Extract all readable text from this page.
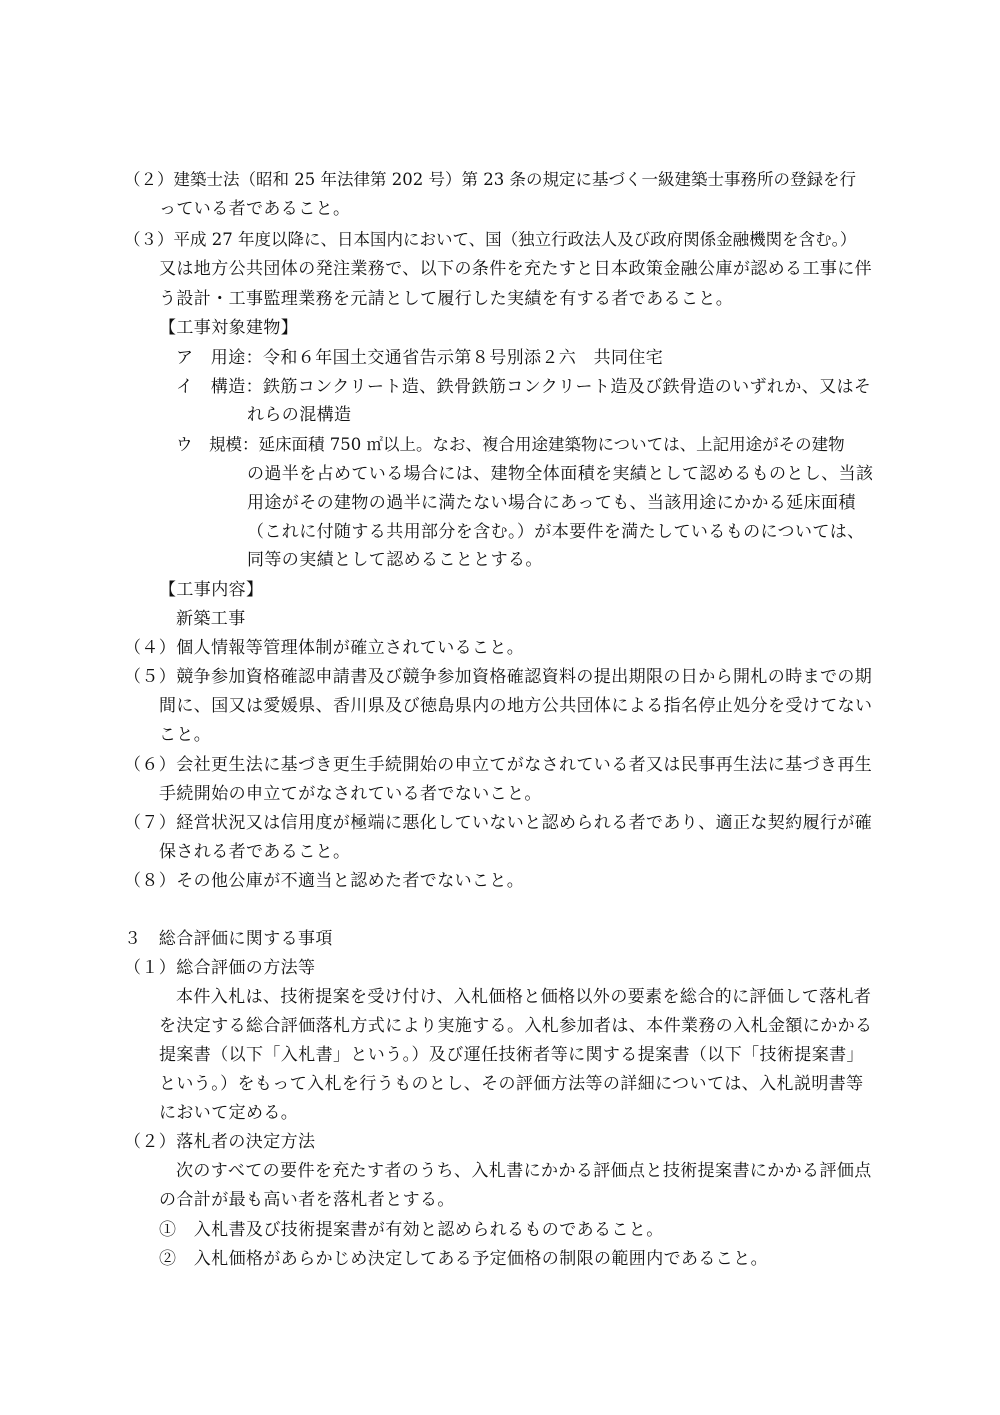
（２）建築士法（昭和 25 年法律第 202 号）第 23 条の規定に基づく一級建築士事務所の登録を行
っている者であること。
（３）平成 27 年度以降に、日本国内において、国（独立行政法人及び政府関係金融機関を含む。）
又は地方公共団体の発注業務で、以下の条件を充たすと日本政策金融公庫が認める工事に伴
う設計・工事監理業務を元請として履行した実績を有する者であること。
【工事対象建物】
ア　用途：令和６年国土交通省告示第８号別添２六　共同住宅
イ　構造：鉄筋コンクリート造、鉄骨鉄筋コンクリート造及び鉄骨造のいずれか、又はそ
れらの混構造
ウ　規模：延床面積 750 ㎡以上。なお、複合用途建築物については、上記用途がその建物
の過半を占めている場合には、建物全体面積を実績として認めるものとし、当該
用途がその建物の過半に満たない場合にあっても、当該用途にかかる延床面積
（これに付随する共用部分を含む。）が本要件を満たしているものについては、
同等の実績として認めることとする。
【工事内容】
新築工事
（４）個人情報等管理体制が確立されていること。
（５）競争参加資格確認申請書及び競争参加資格確認資料の提出期限の日から開札の時までの期
間に、国又は愛媛県、香川県及び徳島県内の地方公共団体による指名停止処分を受けてない
こと。
（６）会社更生法に基づき更生手続開始の申立てがなされている者又は民事再生法に基づき再生
手続開始の申立てがなされている者でないこと。
（７）経営状況又は信用度が極端に悪化していないと認められる者であり、適正な契約履行が確
保される者であること。
（８）その他公庫が不適当と認めた者でないこと。
３　総合評価に関する事項
（１）総合評価の方法等
本件入札は、技術提案を受け付け、入札価格と価格以外の要素を総合的に評価して落札者
を決定する総合評価落札方式により実施する。入札参加者は、本件業務の入札金額にかかる
提案書（以下「入札書」という。）及び運任技術者等に関する提案書（以下「技術提案書」
という。）をもって入札を行うものとし、その評価方法等の詳細については、入札説明書等
において定める。
（２）落札者の決定方法
次のすべての要件を充たす者のうち、入札書にかかる評価点と技術提案書にかかる評価点
の合計が最も高い者を落札者とする。
①　入札書及び技術提案書が有効と認められるものであること。
②　入札価格があらかじめ決定してある予定価格の制限の範囲内であること。
